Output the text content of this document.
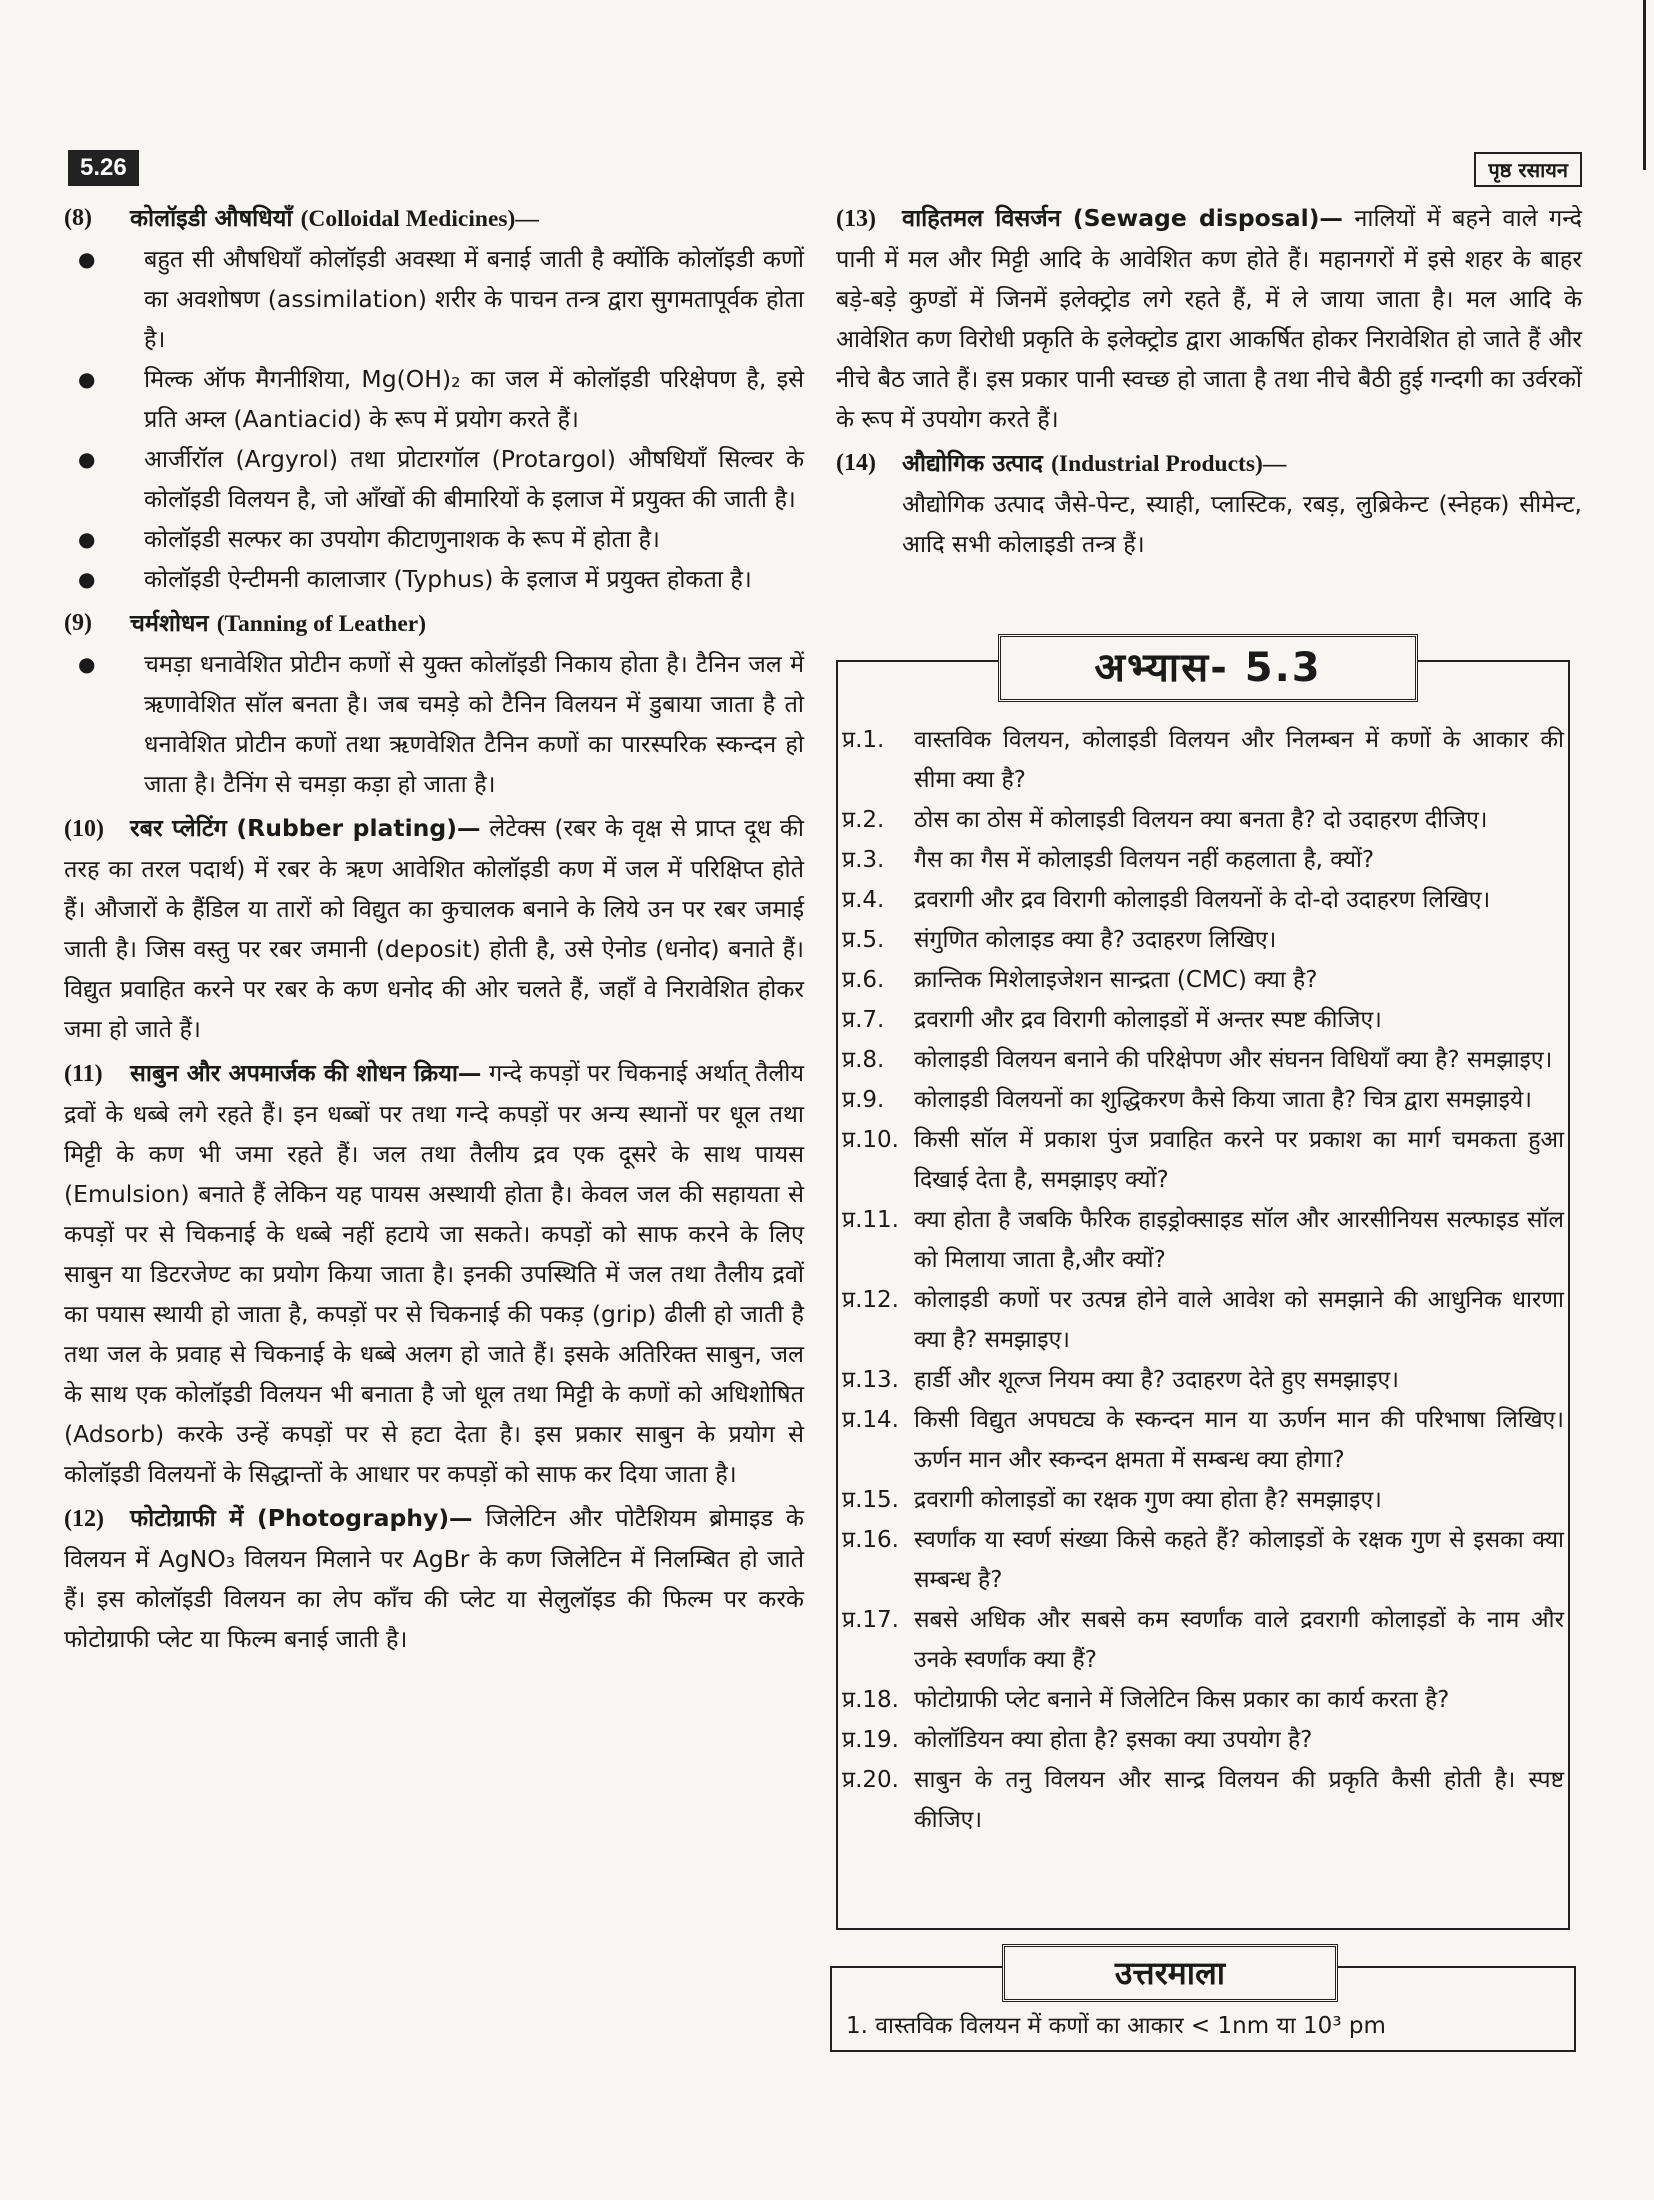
5.26	पृष्ठ रसायन
(8)	कोलॉइडी औषधियाँ (Colloidal Medicines)—
●	बहुत सी औषधियाँ कोलॉइडी अवस्था में बनाई जाती है क्योंकि कोलॉइडी कणों का अवशोषण (assimilation) शरीर के पाचन तन्त्र द्वारा सुगमतापूर्वक होता है।
●	मिल्क ऑफ मैगनीशिया, Mg(OH)₂ का जल में कोलॉइडी परिक्षेपण है, इसे प्रति अम्ल (Aantiacid) के रूप में प्रयोग करते हैं।
●	आर्जीरॉल (Argyrol) तथा प्रोटारगॉल (Protargol) औषधियाँ सिल्वर के कोलॉइडी विलयन है, जो आँखों की बीमारियों के इलाज में प्रयुक्त की जाती है।
●	कोलॉइडी सल्फर का उपयोग कीटाणुनाशक के रूप में होता है।
●	कोलॉइडी ऐन्टीमनी कालाजार (Typhus) के इलाज में प्रयुक्त होकता है।
(9)	चर्मशोधन (Tanning of Leather)
●	चमड़ा धनावेशित प्रोटीन कणों से युक्त कोलॉइडी निकाय होता है। टैनिन जल में ऋणावेशित सॉल बनता है। जब चमड़े को टैनिन विलयन में डुबाया जाता है तो धनावेशित प्रोटीन कणों तथा ऋणवेशित टैनिन कणों का पारस्परिक स्कन्दन हो जाता है। टैनिंग से चमड़ा कड़ा हो जाता है।
(10) रबर प्लेटिंग (Rubber plating)— लेटेक्स (रबर के वृक्ष से प्राप्त दूध की तरह का तरल पदार्थ) में रबर के ऋण आवेशित कोलॉइडी कण में जल में परिक्षिप्त होते हैं। औजारों के हैंडिल या तारों को विद्युत का कुचालक बनाने के लिये उन पर रबर जमाई जाती है। जिस वस्तु पर रबर जमानी (deposit) होती है, उसे ऐनोड (धनोद) बनाते हैं। विद्युत प्रवाहित करने पर रबर के कण धनोद की ओर चलते हैं, जहाँ वे निरावेशित होकर जमा हो जाते हैं।
(11) साबुन और अपमार्जक की शोधन क्रिया— गन्दे कपड़ों पर चिकनाई अर्थात् तैलीय द्रवों के धब्बे लगे रहते हैं। इन धब्बों पर तथा गन्दे कपड़ों पर अन्य स्थानों पर धूल तथा मिट्टी के कण भी जमा रहते हैं। जल तथा तैलीय द्रव एक दूसरे के साथ पायस (Emulsion) बनाते हैं लेकिन यह पायस अस्थायी होता है। केवल जल की सहायता से कपड़ों पर से चिकनाई के धब्बे नहीं हटाये जा सकते। कपड़ों को साफ करने के लिए साबुन या डिटरजेण्ट का प्रयोग किया जाता है। इनकी उपस्थिति में जल तथा तैलीय द्रवों का पयास स्थायी हो जाता है, कपड़ों पर से चिकनाई की पकड़ (grip) ढीली हो जाती है तथा जल के प्रवाह से चिकनाई के धब्बे अलग हो जाते हैं। इसके अतिरिक्त साबुन, जल के साथ एक कोलॉइडी विलयन भी बनाता है जो धूल तथा मिट्टी के कणों को अधिशोषित (Adsorb) करके उन्हें कपड़ों पर से हटा देता है। इस प्रकार साबुन के प्रयोग से कोलॉइडी विलयनों के सिद्धान्तों के आधार पर कपड़ों को साफ कर दिया जाता है।
(12) फोटोग्राफी में (Photography)— जिलेटिन और पोटैशियम ब्रोमाइड के विलयन में AgNO₃ विलयन मिलाने पर AgBr के कण जिलेटिन में निलम्बित हो जाते हैं। इस कोलॉइडी विलयन का लेप काँच की प्लेट या सेलुलॉइड की फिल्म पर करके फोटोग्राफी प्लेट या फिल्म बनाई जाती है।
(13) वाहितमल विसर्जन (Sewage disposal)— नालियों में बहने वाले गन्दे पानी में मल और मिट्टी आदि के आवेशित कण होते हैं। महानगरों में इसे शहर के बाहर बड़े-बड़े कुण्डों में जिनमें इलेक्ट्रोड लगे रहते हैं, में ले जाया जाता है। मल आदि के आवेशित कण विरोधी प्रकृति के इलेक्ट्रोड द्वारा आकर्षित होकर निरावेशित हो जाते हैं और नीचे बैठ जाते हैं। इस प्रकार पानी स्वच्छ हो जाता है तथा नीचे बैठी हुई गन्दगी का उर्वरकों के रूप में उपयोग करते हैं।
(14)	औद्योगिक उत्पाद (Industrial Products)—
औद्योगिक उत्पाद जैसे-पेन्ट, स्याही, प्लास्टिक, रबड़, लुब्रिकेन्ट (स्नेहक) सीमेन्ट, आदि सभी कोलाइडी तन्त्र हैं।
अभ्यास- 5.3
प्र.1.	वास्तविक विलयन, कोलाइडी विलयन और निलम्बन में कणों के आकार की सीमा क्या है?
प्र.2.	ठोस का ठोस में कोलाइडी विलयन क्या बनता है? दो उदाहरण दीजिए।
प्र.3.	गैस का गैस में कोलाइडी विलयन नहीं कहलाता है, क्यों?
प्र.4.	द्रवरागी और द्रव विरागी कोलाइडी विलयनों के दो-दो उदाहरण लिखिए।
प्र.5.	संगुणित कोलाइड क्या है? उदाहरण लिखिए।
प्र.6.	क्रान्तिक मिशेलाइजेशन सान्द्रता (CMC) क्या है?
प्र.7.	द्रवरागी और द्रव विरागी कोलाइडों में अन्तर स्पष्ट कीजिए।
प्र.8.	कोलाइडी विलयन बनाने की परिक्षेपण और संघनन विधियाँ क्या है? समझाइए।
प्र.9.	कोलाइडी विलयनों का शुद्धिकरण कैसे किया जाता है? चित्र द्वारा समझाइये।
प्र.10. किसी सॉल में प्रकाश पुंज प्रवाहित करने पर प्रकाश का मार्ग चमकता हुआ दिखाई देता है, समझाइए क्यों?
प्र.11. क्या होता है जबकि फैरिक हाइड्रोक्साइड सॉल और आरसीनियस सल्फाइड सॉल को मिलाया जाता है,और क्यों?
प्र.12. कोलाइडी कणों पर उत्पन्न होने वाले आवेश को समझाने की आधुनिक धारणा क्या है? समझाइए।
प्र.13. हार्डी और शूल्ज नियम क्या है? उदाहरण देते हुए समझाइए।
प्र.14. किसी विद्युत अपघट्य के स्कन्दन मान या ऊर्णन मान की परिभाषा लिखिए। ऊर्णन मान और स्कन्दन क्षमता में सम्बन्ध क्या होगा?
प्र.15. द्रवरागी कोलाइडों का रक्षक गुण क्या होता है? समझाइए।
प्र.16. स्वर्णांक या स्वर्ण संख्या किसे कहते हैं? कोलाइडों के रक्षक गुण से इसका क्या सम्बन्ध है?
प्र.17. सबसे अधिक और सबसे कम स्वर्णांक वाले द्रवरागी कोलाइडों के नाम और उनके स्वर्णांक क्या हैं?
प्र.18. फोटोग्राफी प्लेट बनाने में जिलेटिन किस प्रकार का कार्य करता है?
प्र.19. कोलॉडियन क्या होता है? इसका क्या उपयोग है?
प्र.20. साबुन के तनु विलयन और सान्द्र विलयन की प्रकृति कैसी होती है। स्पष्ट कीजिए।
उत्तरमाला
1. वास्तविक विलयन में कणों का आकार < 1nm या 10³ pm
